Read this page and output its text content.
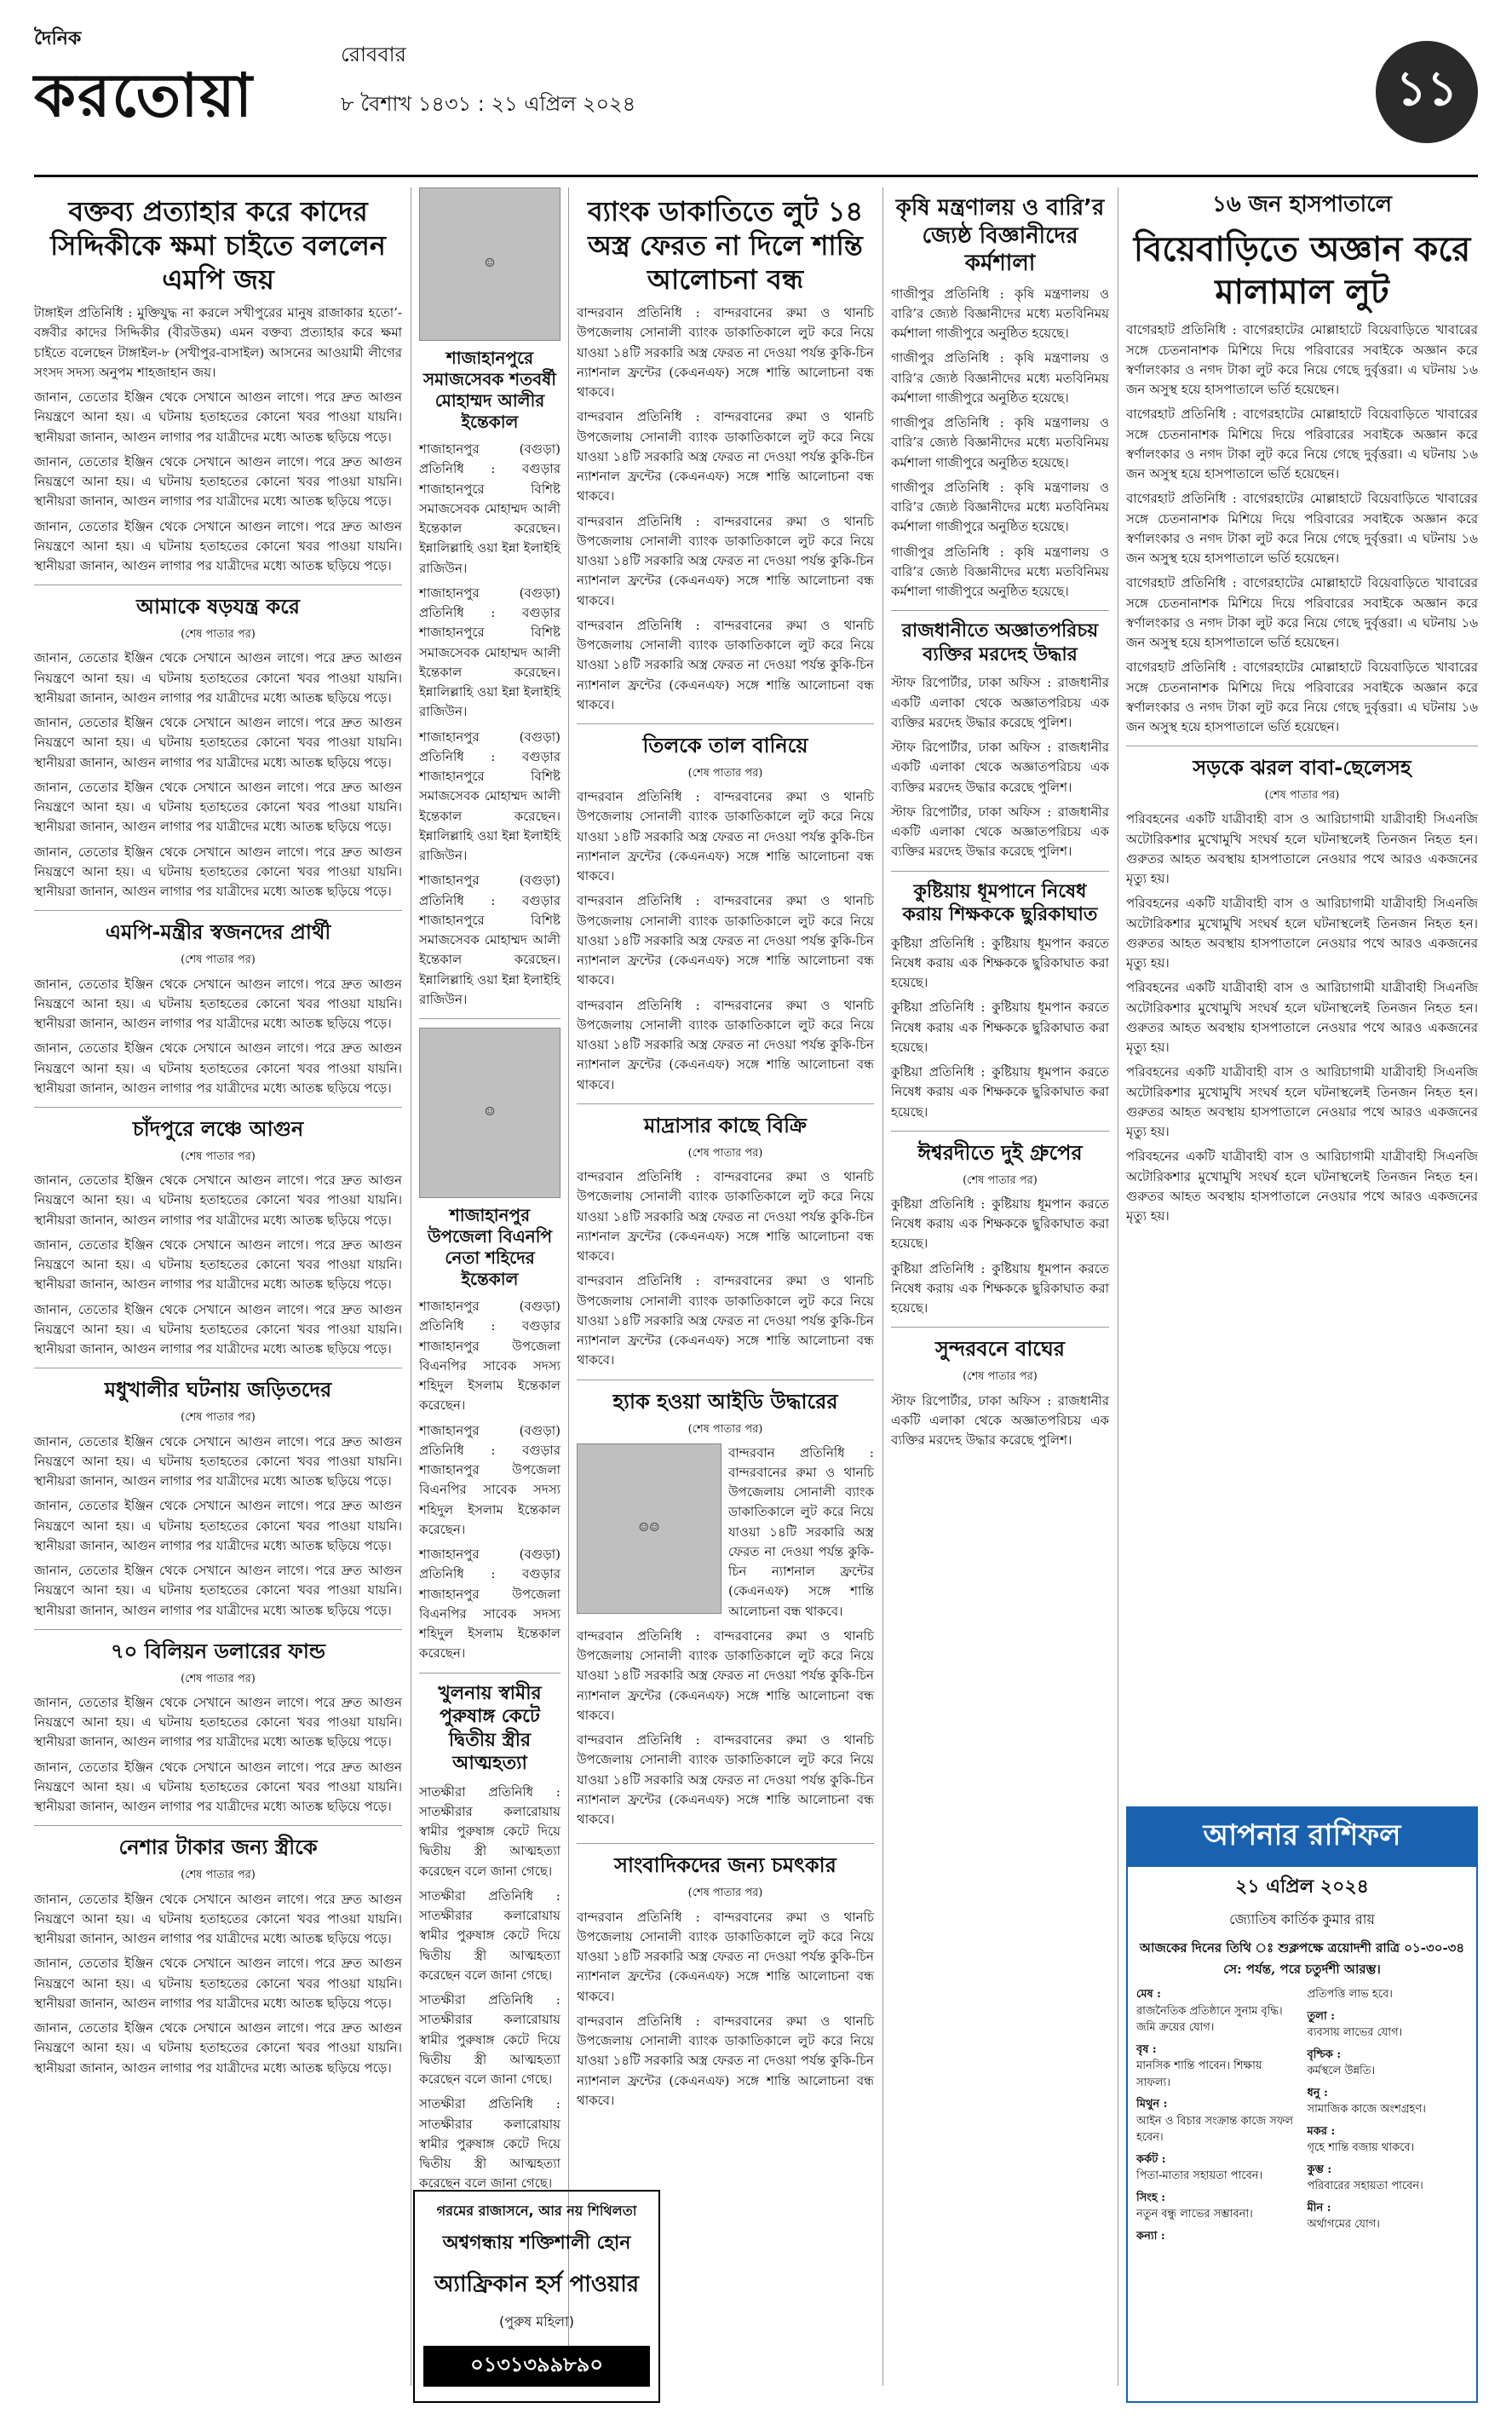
দৈনিক
করতোয়া
রোববার
৮ বৈশাখ ১৪৩১ : ২১ এপ্রিল ২০২৪	১১
বক্তব্য প্রত্যাহার করে কাদের সিদ্দিকীকে ক্ষমা চাইতে বললেন এমপি জয়

টাঙ্গাইল প্রতিনিধি : মুক্তিযুদ্ধ না করলে সখীপুরের মানুষ রাজাকার হতো’-বঙ্গবীর কাদের সিদ্দিকীর (বীরউত্তম) এমন বক্তব্য প্রত্যাহার করে ক্ষমা চাইতে বলেছেন টাঙ্গাইল-৮ (সখীপুর-বাসাইল) আসনের আওয়ামী লীগের সংসদ সদস্য অনুপম শাহজাহান জয়।

জানান, তেতাের ইঞ্জিন থেকে সেখানে আগুন লাগে। পরে দ্রুত আগুন নিয়ন্ত্রণে আনা হয়। এ ঘটনায় হতাহতের কোনো খবর পাওয়া যায়নি। স্থানীয়রা জানান, আগুন লাগার পর যাত্রীদের মধ্যে আতঙ্ক ছড়িয়ে পড়ে।

জানান, তেতাের ইঞ্জিন থেকে সেখানে আগুন লাগে। পরে দ্রুত আগুন নিয়ন্ত্রণে আনা হয়। এ ঘটনায় হতাহতের কোনো খবর পাওয়া যায়নি। স্থানীয়রা জানান, আগুন লাগার পর যাত্রীদের মধ্যে আতঙ্ক ছড়িয়ে পড়ে।

জানান, তেতাের ইঞ্জিন থেকে সেখানে আগুন লাগে। পরে দ্রুত আগুন নিয়ন্ত্রণে আনা হয়। এ ঘটনায় হতাহতের কোনো খবর পাওয়া যায়নি। স্থানীয়রা জানান, আগুন লাগার পর যাত্রীদের মধ্যে আতঙ্ক ছড়িয়ে পড়ে।

আমাকে ষড়যন্ত্র করে
(শেষ পাতার পর)

জানান, তেতাের ইঞ্জিন থেকে সেখানে আগুন লাগে। পরে দ্রুত আগুন নিয়ন্ত্রণে আনা হয়। এ ঘটনায় হতাহতের কোনো খবর পাওয়া যায়নি। স্থানীয়রা জানান, আগুন লাগার পর যাত্রীদের মধ্যে আতঙ্ক ছড়িয়ে পড়ে।

জানান, তেতাের ইঞ্জিন থেকে সেখানে আগুন লাগে। পরে দ্রুত আগুন নিয়ন্ত্রণে আনা হয়। এ ঘটনায় হতাহতের কোনো খবর পাওয়া যায়নি। স্থানীয়রা জানান, আগুন লাগার পর যাত্রীদের মধ্যে আতঙ্ক ছড়িয়ে পড়ে।

জানান, তেতাের ইঞ্জিন থেকে সেখানে আগুন লাগে। পরে দ্রুত আগুন নিয়ন্ত্রণে আনা হয়। এ ঘটনায় হতাহতের কোনো খবর পাওয়া যায়নি। স্থানীয়রা জানান, আগুন লাগার পর যাত্রীদের মধ্যে আতঙ্ক ছড়িয়ে পড়ে।

জানান, তেতাের ইঞ্জিন থেকে সেখানে আগুন লাগে। পরে দ্রুত আগুন নিয়ন্ত্রণে আনা হয়। এ ঘটনায় হতাহতের কোনো খবর পাওয়া যায়নি। স্থানীয়রা জানান, আগুন লাগার পর যাত্রীদের মধ্যে আতঙ্ক ছড়িয়ে পড়ে।

এমপি-মন্ত্রীর স্বজনদের প্রার্থী
(শেষ পাতার পর)

জানান, তেতাের ইঞ্জিন থেকে সেখানে আগুন লাগে। পরে দ্রুত আগুন নিয়ন্ত্রণে আনা হয়। এ ঘটনায় হতাহতের কোনো খবর পাওয়া যায়নি। স্থানীয়রা জানান, আগুন লাগার পর যাত্রীদের মধ্যে আতঙ্ক ছড়িয়ে পড়ে।

জানান, তেতাের ইঞ্জিন থেকে সেখানে আগুন লাগে। পরে দ্রুত আগুন নিয়ন্ত্রণে আনা হয়। এ ঘটনায় হতাহতের কোনো খবর পাওয়া যায়নি। স্থানীয়রা জানান, আগুন লাগার পর যাত্রীদের মধ্যে আতঙ্ক ছড়িয়ে পড়ে।

চাঁদপুরে লঞ্চে আগুন
(শেষ পাতার পর)

জানান, তেতাের ইঞ্জিন থেকে সেখানে আগুন লাগে। পরে দ্রুত আগুন নিয়ন্ত্রণে আনা হয়। এ ঘটনায় হতাহতের কোনো খবর পাওয়া যায়নি। স্থানীয়রা জানান, আগুন লাগার পর যাত্রীদের মধ্যে আতঙ্ক ছড়িয়ে পড়ে।

জানান, তেতাের ইঞ্জিন থেকে সেখানে আগুন লাগে। পরে দ্রুত আগুন নিয়ন্ত্রণে আনা হয়। এ ঘটনায় হতাহতের কোনো খবর পাওয়া যায়নি। স্থানীয়রা জানান, আগুন লাগার পর যাত্রীদের মধ্যে আতঙ্ক ছড়িয়ে পড়ে।

জানান, তেতাের ইঞ্জিন থেকে সেখানে আগুন লাগে। পরে দ্রুত আগুন নিয়ন্ত্রণে আনা হয়। এ ঘটনায় হতাহতের কোনো খবর পাওয়া যায়নি। স্থানীয়রা জানান, আগুন লাগার পর যাত্রীদের মধ্যে আতঙ্ক ছড়িয়ে পড়ে।

মধুখালীর ঘটনায় জড়িতদের
(শেষ পাতার পর)

জানান, তেতাের ইঞ্জিন থেকে সেখানে আগুন লাগে। পরে দ্রুত আগুন নিয়ন্ত্রণে আনা হয়। এ ঘটনায় হতাহতের কোনো খবর পাওয়া যায়নি। স্থানীয়রা জানান, আগুন লাগার পর যাত্রীদের মধ্যে আতঙ্ক ছড়িয়ে পড়ে।

জানান, তেতাের ইঞ্জিন থেকে সেখানে আগুন লাগে। পরে দ্রুত আগুন নিয়ন্ত্রণে আনা হয়। এ ঘটনায় হতাহতের কোনো খবর পাওয়া যায়নি। স্থানীয়রা জানান, আগুন লাগার পর যাত্রীদের মধ্যে আতঙ্ক ছড়িয়ে পড়ে।

জানান, তেতাের ইঞ্জিন থেকে সেখানে আগুন লাগে। পরে দ্রুত আগুন নিয়ন্ত্রণে আনা হয়। এ ঘটনায় হতাহতের কোনো খবর পাওয়া যায়নি। স্থানীয়রা জানান, আগুন লাগার পর যাত্রীদের মধ্যে আতঙ্ক ছড়িয়ে পড়ে।

৭০ বিলিয়ন ডলারের ফান্ড
(শেষ পাতার পর)

জানান, তেতাের ইঞ্জিন থেকে সেখানে আগুন লাগে। পরে দ্রুত আগুন নিয়ন্ত্রণে আনা হয়। এ ঘটনায় হতাহতের কোনো খবর পাওয়া যায়নি। স্থানীয়রা জানান, আগুন লাগার পর যাত্রীদের মধ্যে আতঙ্ক ছড়িয়ে পড়ে।

জানান, তেতাের ইঞ্জিন থেকে সেখানে আগুন লাগে। পরে দ্রুত আগুন নিয়ন্ত্রণে আনা হয়। এ ঘটনায় হতাহতের কোনো খবর পাওয়া যায়নি। স্থানীয়রা জানান, আগুন লাগার পর যাত্রীদের মধ্যে আতঙ্ক ছড়িয়ে পড়ে।

নেশার টাকার জন্য স্ত্রীকে
(শেষ পাতার পর)

জানান, তেতাের ইঞ্জিন থেকে সেখানে আগুন লাগে। পরে দ্রুত আগুন নিয়ন্ত্রণে আনা হয়। এ ঘটনায় হতাহতের কোনো খবর পাওয়া যায়নি। স্থানীয়রা জানান, আগুন লাগার পর যাত্রীদের মধ্যে আতঙ্ক ছড়িয়ে পড়ে।

জানান, তেতাের ইঞ্জিন থেকে সেখানে আগুন লাগে। পরে দ্রুত আগুন নিয়ন্ত্রণে আনা হয়। এ ঘটনায় হতাহতের কোনো খবর পাওয়া যায়নি। স্থানীয়রা জানান, আগুন লাগার পর যাত্রীদের মধ্যে আতঙ্ক ছড়িয়ে পড়ে।

জানান, তেতাের ইঞ্জিন থেকে সেখানে আগুন লাগে। পরে দ্রুত আগুন নিয়ন্ত্রণে আনা হয়। এ ঘটনায় হতাহতের কোনো খবর পাওয়া যায়নি। স্থানীয়রা জানান, আগুন লাগার পর যাত্রীদের মধ্যে আতঙ্ক ছড়িয়ে পড়ে।

☺
শাজাহানপুরে সমাজসেবক শতবর্ষী মোহাম্মদ আলীর ইন্তেকাল

শাজাহানপুর (বগুড়া) প্রতিনিধি : বগুড়ার শাজাহানপুরে বিশিষ্ট সমাজসেবক মোহাম্মদ আলী ইন্তেকাল করেছেন। ইন্নালিল্লাহি ওয়া ইন্না ইলাইহি রাজিউন।

শাজাহানপুর (বগুড়া) প্রতিনিধি : বগুড়ার শাজাহানপুরে বিশিষ্ট সমাজসেবক মোহাম্মদ আলী ইন্তেকাল করেছেন। ইন্নালিল্লাহি ওয়া ইন্না ইলাইহি রাজিউন।

শাজাহানপুর (বগুড়া) প্রতিনিধি : বগুড়ার শাজাহানপুরে বিশিষ্ট সমাজসেবক মোহাম্মদ আলী ইন্তেকাল করেছেন। ইন্নালিল্লাহি ওয়া ইন্না ইলাইহি রাজিউন।

শাজাহানপুর (বগুড়া) প্রতিনিধি : বগুড়ার শাজাহানপুরে বিশিষ্ট সমাজসেবক মোহাম্মদ আলী ইন্তেকাল করেছেন। ইন্নালিল্লাহি ওয়া ইন্না ইলাইহি রাজিউন।

☺
শাজাহানপুর উপজেলা বিএনপি নেতা শহিদের ইন্তেকাল

শাজাহানপুর (বগুড়া) প্রতিনিধি : বগুড়ার শাজাহানপুর উপজেলা বিএনপির সাবেক সদস্য শহিদুল ইসলাম ইন্তেকাল করেছেন।

শাজাহানপুর (বগুড়া) প্রতিনিধি : বগুড়ার শাজাহানপুর উপজেলা বিএনপির সাবেক সদস্য শহিদুল ইসলাম ইন্তেকাল করেছেন।

শাজাহানপুর (বগুড়া) প্রতিনিধি : বগুড়ার শাজাহানপুর উপজেলা বিএনপির সাবেক সদস্য শহিদুল ইসলাম ইন্তেকাল করেছেন।

খুলনায় স্বামীর পুরুষাঙ্গ কেটে দ্বিতীয় স্ত্রীর আত্মহত্যা

সাতক্ষীরা প্রতিনিধি : সাতক্ষীরার কলারোয়ায় স্বামীর পুরুষাঙ্গ কেটে দিয়ে দ্বিতীয় স্ত্রী আত্মহত্যা করেছেন বলে জানা গেছে।

সাতক্ষীরা প্রতিনিধি : সাতক্ষীরার কলারোয়ায় স্বামীর পুরুষাঙ্গ কেটে দিয়ে দ্বিতীয় স্ত্রী আত্মহত্যা করেছেন বলে জানা গেছে।

সাতক্ষীরা প্রতিনিধি : সাতক্ষীরার কলারোয়ায় স্বামীর পুরুষাঙ্গ কেটে দিয়ে দ্বিতীয় স্ত্রী আত্মহত্যা করেছেন বলে জানা গেছে।

সাতক্ষীরা প্রতিনিধি : সাতক্ষীরার কলারোয়ায় স্বামীর পুরুষাঙ্গ কেটে দিয়ে দ্বিতীয় স্ত্রী আত্মহত্যা করেছেন বলে জানা গেছে।

গরমের রাজাসনে, আর নয় শিথিলতা
অশ্বগন্ধায় শক্তিশালী হোন
অ্যাফ্রিকান হর্স পাওয়ার
(পুরুষ মহিলা)
০১৩১৩৯৯৮৯০
ব্যাংক ডাকাতিতে লুট ১৪ অস্ত্র ফেরত না দিলে শান্তি আলোচনা বন্ধ

বান্দরবান প্রতিনিধি : বান্দরবানের রুমা ও থানচি উপজেলায় সোনালী ব্যাংক ডাকাতিকালে লুট করে নিয়ে যাওয়া ১৪টি সরকারি অস্ত্র ফেরত না দেওয়া পর্যন্ত কুকি-চিন ন্যাশনাল ফ্রন্টের (কেএনএফ) সঙ্গে শান্তি আলোচনা বন্ধ থাকবে।

বান্দরবান প্রতিনিধি : বান্দরবানের রুমা ও থানচি উপজেলায় সোনালী ব্যাংক ডাকাতিকালে লুট করে নিয়ে যাওয়া ১৪টি সরকারি অস্ত্র ফেরত না দেওয়া পর্যন্ত কুকি-চিন ন্যাশনাল ফ্রন্টের (কেএনএফ) সঙ্গে শান্তি আলোচনা বন্ধ থাকবে।

বান্দরবান প্রতিনিধি : বান্দরবানের রুমা ও থানচি উপজেলায় সোনালী ব্যাংক ডাকাতিকালে লুট করে নিয়ে যাওয়া ১৪টি সরকারি অস্ত্র ফেরত না দেওয়া পর্যন্ত কুকি-চিন ন্যাশনাল ফ্রন্টের (কেএনএফ) সঙ্গে শান্তি আলোচনা বন্ধ থাকবে।

বান্দরবান প্রতিনিধি : বান্দরবানের রুমা ও থানচি উপজেলায় সোনালী ব্যাংক ডাকাতিকালে লুট করে নিয়ে যাওয়া ১৪টি সরকারি অস্ত্র ফেরত না দেওয়া পর্যন্ত কুকি-চিন ন্যাশনাল ফ্রন্টের (কেএনএফ) সঙ্গে শান্তি আলোচনা বন্ধ থাকবে।

তিলকে তাল বানিয়ে
(শেষ পাতার পর)

বান্দরবান প্রতিনিধি : বান্দরবানের রুমা ও থানচি উপজেলায় সোনালী ব্যাংক ডাকাতিকালে লুট করে নিয়ে যাওয়া ১৪টি সরকারি অস্ত্র ফেরত না দেওয়া পর্যন্ত কুকি-চিন ন্যাশনাল ফ্রন্টের (কেএনএফ) সঙ্গে শান্তি আলোচনা বন্ধ থাকবে।

বান্দরবান প্রতিনিধি : বান্দরবানের রুমা ও থানচি উপজেলায় সোনালী ব্যাংক ডাকাতিকালে লুট করে নিয়ে যাওয়া ১৪টি সরকারি অস্ত্র ফেরত না দেওয়া পর্যন্ত কুকি-চিন ন্যাশনাল ফ্রন্টের (কেএনএফ) সঙ্গে শান্তি আলোচনা বন্ধ থাকবে।

বান্দরবান প্রতিনিধি : বান্দরবানের রুমা ও থানচি উপজেলায় সোনালী ব্যাংক ডাকাতিকালে লুট করে নিয়ে যাওয়া ১৪টি সরকারি অস্ত্র ফেরত না দেওয়া পর্যন্ত কুকি-চিন ন্যাশনাল ফ্রন্টের (কেএনএফ) সঙ্গে শান্তি আলোচনা বন্ধ থাকবে।

মাদ্রাসার কাছে বিক্রি
(শেষ পাতার পর)

বান্দরবান প্রতিনিধি : বান্দরবানের রুমা ও থানচি উপজেলায় সোনালী ব্যাংক ডাকাতিকালে লুট করে নিয়ে যাওয়া ১৪টি সরকারি অস্ত্র ফেরত না দেওয়া পর্যন্ত কুকি-চিন ন্যাশনাল ফ্রন্টের (কেএনএফ) সঙ্গে শান্তি আলোচনা বন্ধ থাকবে।

বান্দরবান প্রতিনিধি : বান্দরবানের রুমা ও থানচি উপজেলায় সোনালী ব্যাংক ডাকাতিকালে লুট করে নিয়ে যাওয়া ১৪টি সরকারি অস্ত্র ফেরত না দেওয়া পর্যন্ত কুকি-চিন ন্যাশনাল ফ্রন্টের (কেএনএফ) সঙ্গে শান্তি আলোচনা বন্ধ থাকবে।

হ্যাক হওয়া আইডি উদ্ধারের
(শেষ পাতার পর)
☺☺

বান্দরবান প্রতিনিধি : বান্দরবানের রুমা ও থানচি উপজেলায় সোনালী ব্যাংক ডাকাতিকালে লুট করে নিয়ে যাওয়া ১৪টি সরকারি অস্ত্র ফেরত না দেওয়া পর্যন্ত কুকি-চিন ন্যাশনাল ফ্রন্টের (কেএনএফ) সঙ্গে শান্তি আলোচনা বন্ধ থাকবে।

বান্দরবান প্রতিনিধি : বান্দরবানের রুমা ও থানচি উপজেলায় সোনালী ব্যাংক ডাকাতিকালে লুট করে নিয়ে যাওয়া ১৪টি সরকারি অস্ত্র ফেরত না দেওয়া পর্যন্ত কুকি-চিন ন্যাশনাল ফ্রন্টের (কেএনএফ) সঙ্গে শান্তি আলোচনা বন্ধ থাকবে।

বান্দরবান প্রতিনিধি : বান্দরবানের রুমা ও থানচি উপজেলায় সোনালী ব্যাংক ডাকাতিকালে লুট করে নিয়ে যাওয়া ১৪টি সরকারি অস্ত্র ফেরত না দেওয়া পর্যন্ত কুকি-চিন ন্যাশনাল ফ্রন্টের (কেএনএফ) সঙ্গে শান্তি আলোচনা বন্ধ থাকবে।

সাংবাদিকদের জন্য চমৎকার
(শেষ পাতার পর)

বান্দরবান প্রতিনিধি : বান্দরবানের রুমা ও থানচি উপজেলায় সোনালী ব্যাংক ডাকাতিকালে লুট করে নিয়ে যাওয়া ১৪টি সরকারি অস্ত্র ফেরত না দেওয়া পর্যন্ত কুকি-চিন ন্যাশনাল ফ্রন্টের (কেএনএফ) সঙ্গে শান্তি আলোচনা বন্ধ থাকবে।

বান্দরবান প্রতিনিধি : বান্দরবানের রুমা ও থানচি উপজেলায় সোনালী ব্যাংক ডাকাতিকালে লুট করে নিয়ে যাওয়া ১৪টি সরকারি অস্ত্র ফেরত না দেওয়া পর্যন্ত কুকি-চিন ন্যাশনাল ফ্রন্টের (কেএনএফ) সঙ্গে শান্তি আলোচনা বন্ধ থাকবে।

কৃষি মন্ত্রণালয় ও বারি’র জ্যেষ্ঠ বিজ্ঞানীদের কর্মশালা

গাজীপুর প্রতিনিধি : কৃষি মন্ত্রণালয় ও বারি’র জ্যেষ্ঠ বিজ্ঞানীদের মধ্যে মতবিনিময় কর্মশালা গাজীপুরে অনুষ্ঠিত হয়েছে।

গাজীপুর প্রতিনিধি : কৃষি মন্ত্রণালয় ও বারি’র জ্যেষ্ঠ বিজ্ঞানীদের মধ্যে মতবিনিময় কর্মশালা গাজীপুরে অনুষ্ঠিত হয়েছে।

গাজীপুর প্রতিনিধি : কৃষি মন্ত্রণালয় ও বারি’র জ্যেষ্ঠ বিজ্ঞানীদের মধ্যে মতবিনিময় কর্মশালা গাজীপুরে অনুষ্ঠিত হয়েছে।

গাজীপুর প্রতিনিধি : কৃষি মন্ত্রণালয় ও বারি’র জ্যেষ্ঠ বিজ্ঞানীদের মধ্যে মতবিনিময় কর্মশালা গাজীপুরে অনুষ্ঠিত হয়েছে।

গাজীপুর প্রতিনিধি : কৃষি মন্ত্রণালয় ও বারি’র জ্যেষ্ঠ বিজ্ঞানীদের মধ্যে মতবিনিময় কর্মশালা গাজীপুরে অনুষ্ঠিত হয়েছে।

রাজধানীতে অজ্ঞাতপরিচয় ব্যক্তির মরদেহ উদ্ধার

স্টাফ রিপোর্টার, ঢাকা অফিস : রাজধানীর একটি এলাকা থেকে অজ্ঞাতপরিচয় এক ব্যক্তির মরদেহ উদ্ধার করেছে পুলিশ।

স্টাফ রিপোর্টার, ঢাকা অফিস : রাজধানীর একটি এলাকা থেকে অজ্ঞাতপরিচয় এক ব্যক্তির মরদেহ উদ্ধার করেছে পুলিশ।

স্টাফ রিপোর্টার, ঢাকা অফিস : রাজধানীর একটি এলাকা থেকে অজ্ঞাতপরিচয় এক ব্যক্তির মরদেহ উদ্ধার করেছে পুলিশ।

কুষ্টিয়ায় ধূমপানে নিষেধ করায় শিক্ষককে ছুরিকাঘাত

কুষ্টিয়া প্রতিনিধি : কুষ্টিয়ায় ধূমপান করতে নিষেধ করায় এক শিক্ষককে ছুরিকাঘাত করা হয়েছে।

কুষ্টিয়া প্রতিনিধি : কুষ্টিয়ায় ধূমপান করতে নিষেধ করায় এক শিক্ষককে ছুরিকাঘাত করা হয়েছে।

কুষ্টিয়া প্রতিনিধি : কুষ্টিয়ায় ধূমপান করতে নিষেধ করায় এক শিক্ষককে ছুরিকাঘাত করা হয়েছে।

ঈশ্বরদীতে দুই গ্রুপের
(শেষ পাতার পর)

কুষ্টিয়া প্রতিনিধি : কুষ্টিয়ায় ধূমপান করতে নিষেধ করায় এক শিক্ষককে ছুরিকাঘাত করা হয়েছে।

কুষ্টিয়া প্রতিনিধি : কুষ্টিয়ায় ধূমপান করতে নিষেধ করায় এক শিক্ষককে ছুরিকাঘাত করা হয়েছে।

সুন্দরবনে বাঘের
(শেষ পাতার পর)

স্টাফ রিপোর্টার, ঢাকা অফিস : রাজধানীর একটি এলাকা থেকে অজ্ঞাতপরিচয় এক ব্যক্তির মরদেহ উদ্ধার করেছে পুলিশ।

১৬ জন হাসপাতালে
বিয়েবাড়িতে অজ্ঞান করে মালামাল লুট

বাগেরহাট প্রতিনিধি : বাগেরহাটের মোল্লাহাটে বিয়েবাড়িতে খাবারের সঙ্গে চেতনানাশক মিশিয়ে দিয়ে পরিবারের সবাইকে অজ্ঞান করে স্বর্ণালংকার ও নগদ টাকা লুট করে নিয়ে গেছে দুর্বৃত্তরা। এ ঘটনায় ১৬ জন অসুস্থ হয়ে হাসপাতালে ভর্তি হয়েছেন।

বাগেরহাট প্রতিনিধি : বাগেরহাটের মোল্লাহাটে বিয়েবাড়িতে খাবারের সঙ্গে চেতনানাশক মিশিয়ে দিয়ে পরিবারের সবাইকে অজ্ঞান করে স্বর্ণালংকার ও নগদ টাকা লুট করে নিয়ে গেছে দুর্বৃত্তরা। এ ঘটনায় ১৬ জন অসুস্থ হয়ে হাসপাতালে ভর্তি হয়েছেন।

বাগেরহাট প্রতিনিধি : বাগেরহাটের মোল্লাহাটে বিয়েবাড়িতে খাবারের সঙ্গে চেতনানাশক মিশিয়ে দিয়ে পরিবারের সবাইকে অজ্ঞান করে স্বর্ণালংকার ও নগদ টাকা লুট করে নিয়ে গেছে দুর্বৃত্তরা। এ ঘটনায় ১৬ জন অসুস্থ হয়ে হাসপাতালে ভর্তি হয়েছেন।

বাগেরহাট প্রতিনিধি : বাগেরহাটের মোল্লাহাটে বিয়েবাড়িতে খাবারের সঙ্গে চেতনানাশক মিশিয়ে দিয়ে পরিবারের সবাইকে অজ্ঞান করে স্বর্ণালংকার ও নগদ টাকা লুট করে নিয়ে গেছে দুর্বৃত্তরা। এ ঘটনায় ১৬ জন অসুস্থ হয়ে হাসপাতালে ভর্তি হয়েছেন।

বাগেরহাট প্রতিনিধি : বাগেরহাটের মোল্লাহাটে বিয়েবাড়িতে খাবারের সঙ্গে চেতনানাশক মিশিয়ে দিয়ে পরিবারের সবাইকে অজ্ঞান করে স্বর্ণালংকার ও নগদ টাকা লুট করে নিয়ে গেছে দুর্বৃত্তরা। এ ঘটনায় ১৬ জন অসুস্থ হয়ে হাসপাতালে ভর্তি হয়েছেন।

সড়কে ঝরল বাবা-ছেলেসহ
(শেষ পাতার পর)

পরিবহনের একটি যাত্রীবাহী বাস ও আরিচাগামী যাত্রীবাহী সিএনজি অটোরিকশার মুখোমুখি সংঘর্ষ হলে ঘটনাস্থলেই তিনজন নিহত হন। গুরুতর আহত অবস্থায় হাসপাতালে নেওয়ার পথে আরও একজনের মৃত্যু হয়।

পরিবহনের একটি যাত্রীবাহী বাস ও আরিচাগামী যাত্রীবাহী সিএনজি অটোরিকশার মুখোমুখি সংঘর্ষ হলে ঘটনাস্থলেই তিনজন নিহত হন। গুরুতর আহত অবস্থায় হাসপাতালে নেওয়ার পথে আরও একজনের মৃত্যু হয়।

পরিবহনের একটি যাত্রীবাহী বাস ও আরিচাগামী যাত্রীবাহী সিএনজি অটোরিকশার মুখোমুখি সংঘর্ষ হলে ঘটনাস্থলেই তিনজন নিহত হন। গুরুতর আহত অবস্থায় হাসপাতালে নেওয়ার পথে আরও একজনের মৃত্যু হয়।

পরিবহনের একটি যাত্রীবাহী বাস ও আরিচাগামী যাত্রীবাহী সিএনজি অটোরিকশার মুখোমুখি সংঘর্ষ হলে ঘটনাস্থলেই তিনজন নিহত হন। গুরুতর আহত অবস্থায় হাসপাতালে নেওয়ার পথে আরও একজনের মৃত্যু হয়।

পরিবহনের একটি যাত্রীবাহী বাস ও আরিচাগামী যাত্রীবাহী সিএনজি অটোরিকশার মুখোমুখি সংঘর্ষ হলে ঘটনাস্থলেই তিনজন নিহত হন। গুরুতর আহত অবস্থায় হাসপাতালে নেওয়ার পথে আরও একজনের মৃত্যু হয়।

আপনার রাশিফল
২১ এপ্রিল ২০২৪
জ্যোতিষ কার্তিক কুমার রায়
আজকের দিনের তিথি ঃ শুক্লপক্ষে ত্রয়োদশী রাত্রি ০১-৩০-৩৪ সে: পর্যন্ত, পরে চতুর্দশী আরম্ভ।
মেষ :
রাজনৈতিক প্রতিষ্ঠানে সুনাম বৃদ্ধি। জমি ক্রয়ের যোগ।
বৃষ :
মানসিক শান্তি পাবেন। শিক্ষায় সাফল্য।
মিথুন :
আইন ও বিচার সংক্রান্ত কাজে সফল হবেন।
কর্কট :
পিতা-মাতার সহায়তা পাবেন।
সিংহ :
নতুন বন্ধু লাভের সম্ভাবনা।
কন্যা :
প্রতিপত্তি লাভ হবে।
তুলা :
ব্যবসায় লাভের যোগ।
বৃশ্চিক :
কর্মস্থলে উন্নতি।
ধনু :
সামাজিক কাজে অংশগ্রহণ।
মকর :
গৃহে শান্তি বজায় থাকবে।
কুম্ভ :
পরিবারের সহায়তা পাবেন।
মীন :
অর্থাগমের যোগ।
